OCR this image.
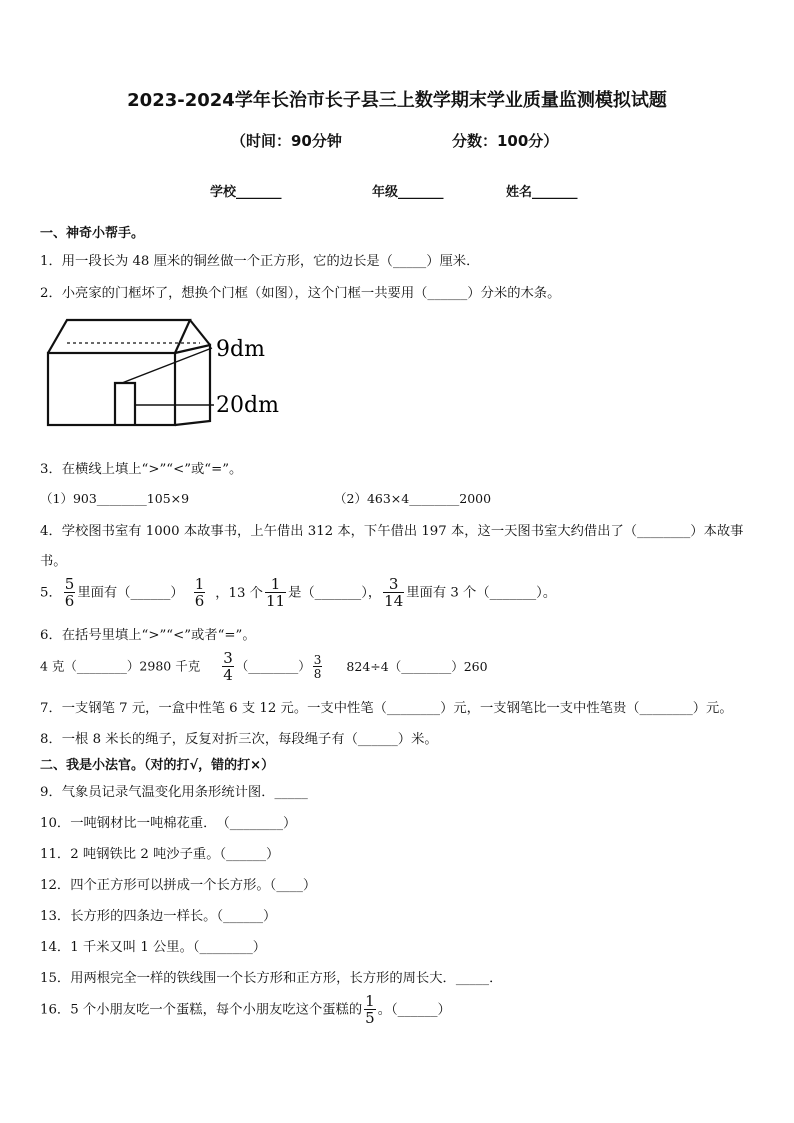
2023-2024学年长治市长子县三上数学期末学业质量监测模拟试题
（时间：90分钟	分数：100分）
学校_______	年级_______	姓名_______
一、神奇小帮手。
1．用一段长为 48 厘米的铜丝做一个正方形，它的边长是（_____）厘米．
2．小亮家的门框坏了，想换个门框（如图），这个门框一共要用（______）分米的木条。
9dm
20dm
3．在横线上填上“>”“<”或“=”。
（1）903________105×9	（2）463×4________2000
4．学校图书室有 1000 本故事书，上午借出 312 本，下午借出 197 本，这一天图书室大约借出了（________）本故事
书。
5． $\frac{5}{6}$ 里面有（______） $\frac{1}{6}$ ，13 个 $\frac{1}{11}$ 是（_______）， $\frac{3}{14}$ 里面有 3 个（_______）。
6．在括号里填上“>”“<”或者“=”。
4 克（________）2980 千克 $\frac{3}{4}$ （________） $\frac{3}{8}$ 824÷4（________）260
7．一支钢笔 7 元，一盒中性笔 6 支 12 元。一支中性笔（________）元，一支钢笔比一支中性笔贵（________）元。
8．一根 8 米长的绳子，反复对折三次，每段绳子有（______）米。
二、我是小法官。（对的打√，错的打×）
9．气象员记录气温变化用条形统计图．_____
10．一吨钢材比一吨棉花重．　（________）
11．2 吨钢铁比 2 吨沙子重。（______）
12．四个正方形可以拼成一个长方形。（____）
13．长方形的四条边一样长。（______）
14．1 千米又叫 1 公里。（________）
15．用两根完全一样的铁线围一个长方形和正方形，长方形的周长大．_____．
16．5 个小朋友吃一个蛋糕，每个小朋友吃这个蛋糕的 $\frac{1}{5}$ 。（______）
